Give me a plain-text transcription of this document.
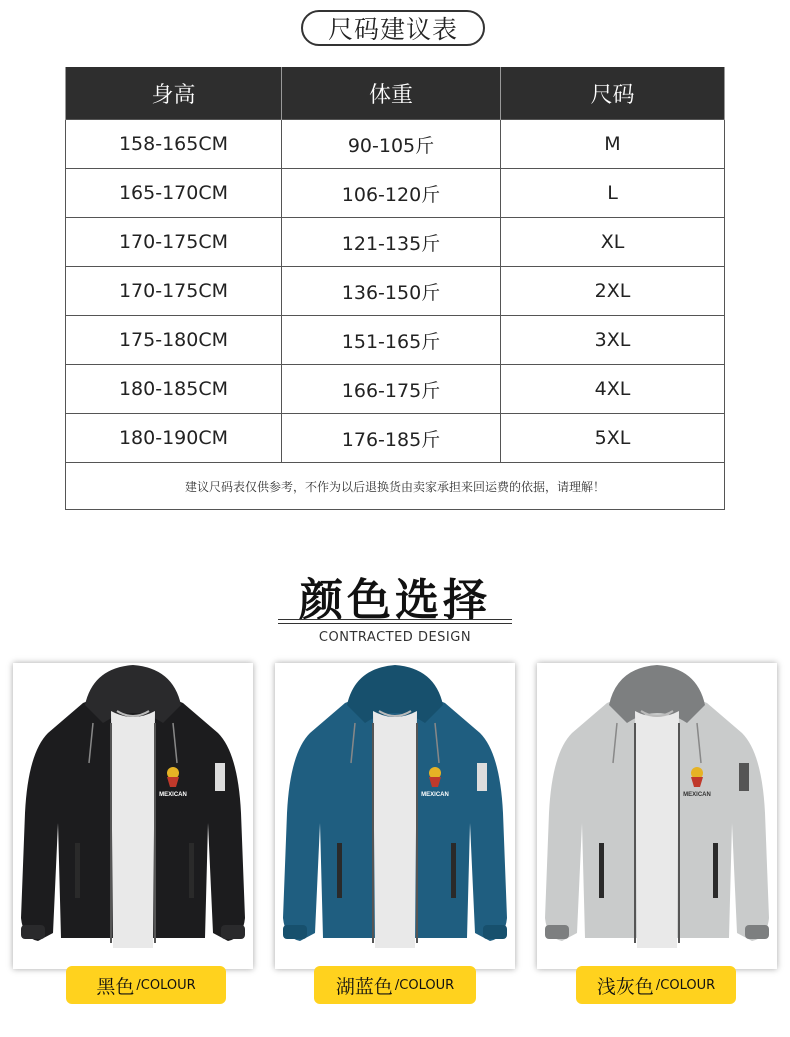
尺码建议表
身高	体重	尺码
158-165CM	90-105斤	M
165-170CM	106-120斤	L
170-175CM	121-135斤	XL
170-175CM	136-150斤	2XL
175-180CM	151-165斤	3XL
180-185CM	166-175斤	4XL
180-190CM	176-185斤	5XL
建议尺码表仅供参考，不作为以后退换货由卖家承担来回运费的依据，请理解！		
颜色选择
CONTRACTED DESIGN
MEXICAN	MEXICAN	MEXICAN
黑色 /COLOUR	湖蓝色 /COLOUR	浅灰色 /COLOUR
